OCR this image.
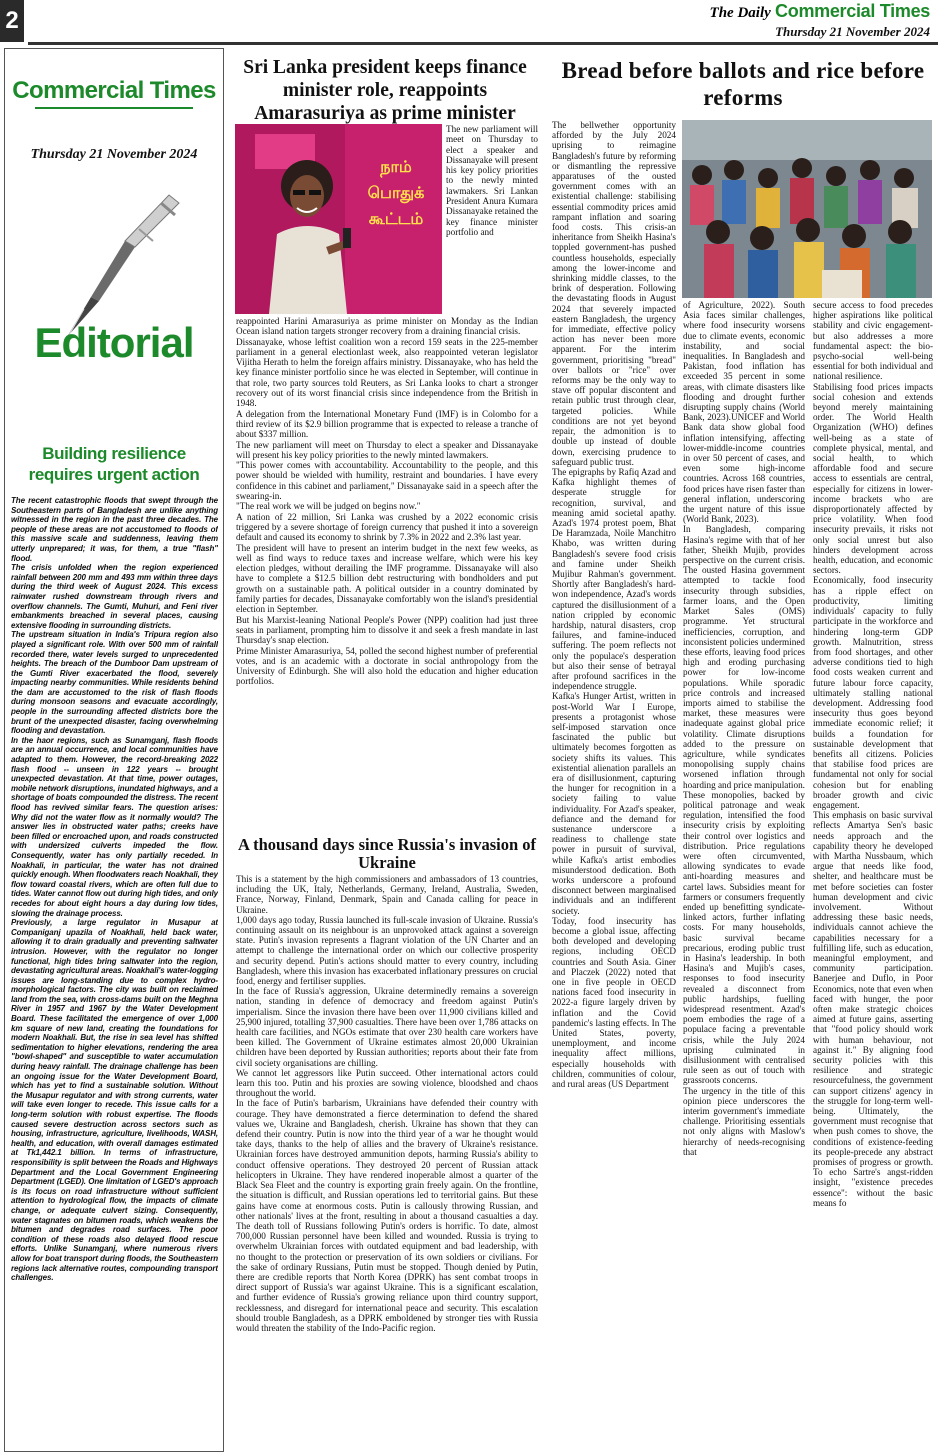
2	The Daily Commercial Times
Thursday 21 November 2024
Commercial Times
Thursday 21 November 2024
Editorial
Building resilience requires urgent action

The recent catastrophic floods that swept through the Southeastern parts of Bangladesh are unlike anything witnessed in the region in the past three decades. The people of these areas are not accustomed to floods of this massive scale and suddenness, leaving them utterly unprepared; it was, for them, a true "flash" flood.

The crisis unfolded when the region experienced rainfall between 200 mm and 493 mm within three days during the third week of August 2024. This excess rainwater rushed downstream through rivers and overflow channels. The Gumti, Muhuri, and Feni river embankments breached in several places, causing extensive flooding in surrounding districts.

The upstream situation in India's Tripura region also played a significant role. With over 500 mm of rainfall recorded there, water levels surged to unprecedented heights. The breach of the Dumboor Dam upstream of the Gumti River exacerbated the flood, severely impacting nearby communities. While residents behind the dam are accustomed to the risk of flash floods during monsoon seasons and evacuate accordingly, people in the surrounding affected districts bore the brunt of the unexpected disaster, facing overwhelming flooding and devastation.

In the haor regions, such as Sunamganj, flash floods are an annual occurrence, and local communities have adapted to them. However, the record-breaking 2022 flash flood -- unseen in 122 years -- brought unexpected devastation. At that time, power outages, mobile network disruptions, inundated highways, and a shortage of boats compounded the distress. The recent flood has revived similar fears. The question arises: Why did not the water flow as it normally would? The answer lies in obstructed water paths; creeks have been filled or encroached upon, and roads constructed with undersized culverts impeded the flow. Consequently, water has only partially receded. In Noakhali, in particular, the water has not drained quickly enough. When floodwaters reach Noakhali, they flow toward coastal rivers, which are often full due to tides. Water cannot flow out during high tides, and only recedes for about eight hours a day during low tides, slowing the drainage process.

Previously, a large regulator in Musapur at Companiganj upazila of Noakhali, held back water, allowing it to drain gradually and preventing saltwater intrusion. However, with the regulator no longer functional, high tides bring saltwater into the region, devastating agricultural areas. Noakhali's water-logging issues are long-standing due to complex hydro-morphological factors. The city was built on reclaimed land from the sea, with cross-dams built on the Meghna River in 1957 and 1967 by the Water Development Board. These facilitated the emergence of over 1,000 km square of new land, creating the foundations for modern Noakhali. But, the rise in sea level has shifted sedimentation to higher elevations, rendering the area "bowl-shaped" and susceptible to water accumulation during heavy rainfall. The drainage challenge has been an ongoing issue for the Water Development Board, which has yet to find a sustainable solution. Without the Musapur regulator and with strong currents, water will take even longer to recede. This issue calls for a long-term solution with robust expertise. The floods caused severe destruction across sectors such as housing, infrastructure, agriculture, livelihoods, WASH, health, and education, with overall damages estimated at Tk1,442.1 billion. In terms of infrastructure, responsibility is split between the Roads and Highways Department and the Local Government Engineering Department (LGED). One limitation of LGED's approach is its focus on road infrastructure without sufficient attention to hydrological flow, the impacts of climate change, or adequate culvert sizing. Consequently, water stagnates on bitumen roads, which weakens the bitumen and degrades road surfaces. The poor condition of these roads also delayed flood rescue efforts. Unlike Sunamganj, where numerous rivers allow for boat transport during floods, the Southeastern regions lack alternative routes, compounding transport challenges.

Sri Lanka president keeps finance minister role, reappoints Amarasuriya as prime minister
நாம் பொதுக் கூட்டம்
The new parliament will meet on Thursday to elect a speaker and Dissanayake will present his key policy priorities to the newly minted lawmakers. Sri Lankan President Anura Kumara Dissanayake retained the key finance minister portfolio and

reappointed Harini Amarasuriya as prime minister on Monday as the Indian Ocean island nation targets stronger recovery from a draining financial crisis.

Dissanayake, whose leftist coalition won a record 159 seats in the 225-member parliament in a general electionlast week, also reappointed veteran legislator Vijitha Herath to helm the foreign affairs ministry. Dissanayake, who has held the key finance minister portfolio since he was elected in September, will continue in that role, two party sources told Reuters, as Sri Lanka looks to chart a stronger recovery out of its worst financial crisis since independence from the British in 1948.

A delegation from the International Monetary Fund (IMF) is in Colombo for a third review of its $2.9 billion programme that is expected to release a tranche of about $337 million.

The new parliament will meet on Thursday to elect a speaker and Dissanayake will present his key policy priorities to the newly minted lawmakers.

"This power comes with accountability. Accountability to the people, and this power should be wielded with humility, restraint and boundaries. I have every confidence in this cabinet and parliament," Dissanayake said in a speech after the swearing-in.

"The real work we will be judged on begins now."

A nation of 22 million, Sri Lanka was crushed by a 2022 economic crisis triggered by a severe shortage of foreign currency that pushed it into a sovereign default and caused its economy to shrink by 7.3% in 2022 and 2.3% last year.

The president will have to present an interim budget in the next few weeks, as well as find ways to reduce taxes and increase welfare, which were his key election pledges, without derailing the IMF programme. Dissanayake will also have to complete a $12.5 billion debt restructuring with bondholders and put growth on a sustainable path. A political outsider in a country dominated by family parties for decades, Dissanayake comfortably won the island's presidential election in September.

But his Marxist-leaning National People's Power (NPP) coalition had just three seats in parliament, prompting him to dissolve it and seek a fresh mandate in last Thursday's snap election.

Prime Minister Amarasuriya, 54, polled the second highest number of preferential votes, and is an academic with a doctorate in social anthropology from the University of Edinburgh. She will also hold the education and higher education portfolios.

A thousand days since Russia's invasion of Ukraine

This is a statement by the high commissioners and ambassadors of 13 countries, including the UK, Italy, Netherlands, Germany, Ireland, Australia, Sweden, France, Norway, Finland, Denmark, Spain and Canada calling for peace in Ukraine.

1,000 days ago today, Russia launched its full-scale invasion of Ukraine. Russia's continuing assault on its neighbour is an unprovoked attack against a sovereign state. Putin's invasion represents a flagrant violation of the UN Charter and an attempt to challenge the international order on which our collective prosperity and security depend. Putin's actions should matter to every country, including Bangladesh, where this invasion has exacerbated inflationary pressures on crucial food, energy and fertiliser supplies.

In the face of Russia's aggression, Ukraine determinedly remains a sovereign nation, standing in defence of democracy and freedom against Putin's imperialism. Since the invasion there have been over 11,900 civilians killed and 25,900 injured, totalling 37,900 casualties. There have been over 1,786 attacks on health care facilities, and NGOs estimate that over 230 health care workers have been killed. The Government of Ukraine estimates almost 20,000 Ukrainian children have been deported by Russian authorities; reports about their fate from civil society organisations are chilling.

We cannot let aggressors like Putin succeed. Other international actors could learn this too. Putin and his proxies are sowing violence, bloodshed and chaos throughout the world.

In the face of Putin's barbarism, Ukrainians have defended their country with courage. They have demonstrated a fierce determination to defend the shared values we, Ukraine and Bangladesh, cherish. Ukraine has shown that they can defend their country. Putin is now into the third year of a war he thought would take days, thanks to the help of allies and the bravery of Ukraine's resistance. Ukrainian forces have destroyed ammunition depots, harming Russia's ability to conduct offensive operations. They destroyed 20 percent of Russian attack helicopters in Ukraine. They have rendered inoperable almost a quarter of the Black Sea Fleet and the country is exporting grain freely again. On the frontline, the situation is difficult, and Russian operations led to territorial gains. But these gains have come at enormous costs. Putin is callously throwing Russian, and other nationals' lives at the front, resulting in about a thousand casualties a day. The death toll of Russians following Putin's orders is horrific. To date, almost 700,000 Russian personnel have been killed and wounded. Russia is trying to overwhelm Ukrainian forces with outdated equipment and bad leadership, with no thought to the protection or preservation of its own soldiers or civilians. For the sake of ordinary Russians, Putin must be stopped. Though denied by Putin, there are credible reports that North Korea (DPRK) has sent combat troops in direct support of Russia's war against Ukraine. This is a significant escalation, and further evidence of Russia's growing reliance upon third country support, recklessness, and disregard for international peace and security. This escalation should trouble Bangladesh, as a DPRK emboldened by stronger ties with Russia would threaten the stability of the Indo-Pacific region.

Bread before ballots and rice before reforms

The bellwether opportunity afforded by the July 2024 uprising to reimagine Bangladesh's future by reforming or dismantling the repressive apparatuses of the ousted government comes with an existential challenge: stabilising essential commodity prices amid rampant inflation and soaring food costs. This crisis-an inheritance from Sheikh Hasina's toppled government-has pushed countless households, especially among the lower-income and shrinking middle classes, to the brink of desperation. Following the devastating floods in August 2024 that severely impacted eastern Bangladesh, the urgency for immediate, effective policy action has never been more apparent. For the interim government, prioritising "bread" over ballots or "rice" over reforms may be the only way to stave off popular discontent and retain public trust through clear, targeted policies. While conditions are not yet beyond repair, the admonition is to double up instead of double down, exercising prudence to safeguard public trust.

The epigraphs by Rafiq Azad and Kafka highlight themes of desperate struggle for recognition, survival, and meaning amid societal apathy. Azad's 1974 protest poem, Bhat De Haramzada, Noile Manchitro Khabo, was written during Bangladesh's severe food crisis and famine under Sheikh Mujibur Rahman's government. Shortly after Bangladesh's hard-won independence, Azad's words captured the disillusionment of a nation crippled by economic hardship, natural disasters, crop failures, and famine-induced suffering. The poem reflects not only the populace's desperation but also their sense of betrayal after profound sacrifices in the independence struggle.

Kafka's Hunger Artist, written in post-World War I Europe, presents a protagonist whose self-imposed starvation once fascinated the public but ultimately becomes forgotten as society shifts its values. This existential alienation parallels an era of disillusionment, capturing the hunger for recognition in a society failing to value individuality. For Azad's speaker, defiance and the demand for sustenance underscore a readiness to challenge state power in pursuit of survival, while Kafka's artist embodies misunderstood dedication. Both works underscore a profound disconnect between marginalised individuals and an indifferent society.

Today, food insecurity has become a global issue, affecting both developed and developing regions, including OECD countries and South Asia. Giner and Placzek (2022) noted that one in five people in OECD nations faced food insecurity in 2022-a figure largely driven by inflation and the Covid pandemic's lasting effects. In The United States, poverty, unemployment, and income inequality affect millions, especially households with children, communities of colour, and rural areas (US Department

of Agriculture, 2022). South Asia faces similar challenges, where food insecurity worsens due to climate events, economic instability, and social inequalities. In Bangladesh and Pakistan, food inflation has exceeded 35 percent in some areas, with climate disasters like flooding and drought further disrupting supply chains (World Bank, 2023).UNICEF and World Bank data show global food inflation intensifying, affecting lower-middle-income countries in over 50 percent of cases, and even some high-income countries. Across 168 countries, food prices have risen faster than general inflation, underscoring the urgent nature of this issue (World Bank, 2023).

In Bangladesh, comparing Hasina's regime with that of her father, Sheikh Mujib, provides perspective on the current crisis. The ousted Hasina government attempted to tackle food insecurity through subsidies, farmer loans, and the Open Market Sales (OMS) programme. Yet structural inefficiencies, corruption, and inconsistent policies undermined these efforts, leaving food prices high and eroding purchasing power for low-income populations. While sporadic price controls and increased imports aimed to stabilise the market, these measures were inadequate against global price volatility. Climate disruptions added to the pressure on agriculture, while syndicates monopolising supply chains worsened inflation through hoarding and price manipulation.

These monopolies, backed by political patronage and weak regulation, intensified the food insecurity crisis by exploiting their control over logistics and distribution. Price regulations were often circumvented, allowing syndicates to evade anti-hoarding measures and cartel laws. Subsidies meant for farmers or consumers frequently ended up benefitting syndicate-linked actors, further inflating costs. For many households, basic survival became precarious, eroding public trust in Hasina's leadership. In both Hasina's and Mujib's cases, responses to food insecurity revealed a disconnect from public hardships, fuelling widespread resentment. Azad's poem embodies the rage of a populace facing a preventable crisis, while the July 2024 uprising culminated in disillusionment with centralised rule seen as out of touch with grassroots concerns.

The urgency in the title of this opinion piece underscores the interim government's immediate challenge. Prioritising essentials not only aligns with Maslow's hierarchy of needs-recognising that

secure access to food precedes higher aspirations like political stability and civic engagement-but also addresses a more fundamental aspect: the bio-psycho-social well-being essential for both individual and national resilience.

Stabilising food prices impacts social cohesion and extends beyond merely maintaining order. The World Health Organization (WHO) defines well-being as a state of complete physical, mental, and social health, to which affordable food and secure access to essentials are central, especially for citizens in lower-income brackets who are disproportionately affected by price volatility. When food insecurity prevails, it risks not only social unrest but also hinders development across health, education, and economic sectors.

Economically, food insecurity has a ripple effect on productivity, limiting individuals' capacity to fully participate in the workforce and hindering long-term GDP growth. Malnutrition, stress from food shortages, and other adverse conditions tied to high food costs weaken current and future labour force capacity, ultimately stalling national development. Addressing food insecurity thus goes beyond immediate economic relief; it builds a foundation for sustainable development that benefits all citizens. Policies that stabilise food prices are fundamental not only for social cohesion but for enabling broader growth and civic engagement.

This emphasis on basic survival reflects Amartya Sen's basic needs approach and the capability theory he developed with Martha Nussbaum, which argue that needs like food, shelter, and healthcare must be met before societies can foster human development and civic involvement. Without addressing these basic needs, individuals cannot achieve the capabilities necessary for a fulfilling life, such as education, meaningful employment, and community participation. Banerjee and Duflo, in Poor Economics, note that even when faced with hunger, the poor often make strategic choices aimed at future gains, asserting that "food policy should work with human behaviour, not against it." By aligning food security policies with this resilience and strategic resourcefulness, the government can support citizens' agency in the struggle for long-term well-being. Ultimately, the government must recognise that when push comes to shove, the conditions of existence-feeding its people-precede any abstract promises of progress or growth. To echo Sartre's angst-ridden insight, "existence precedes essence": without the basic means fo
